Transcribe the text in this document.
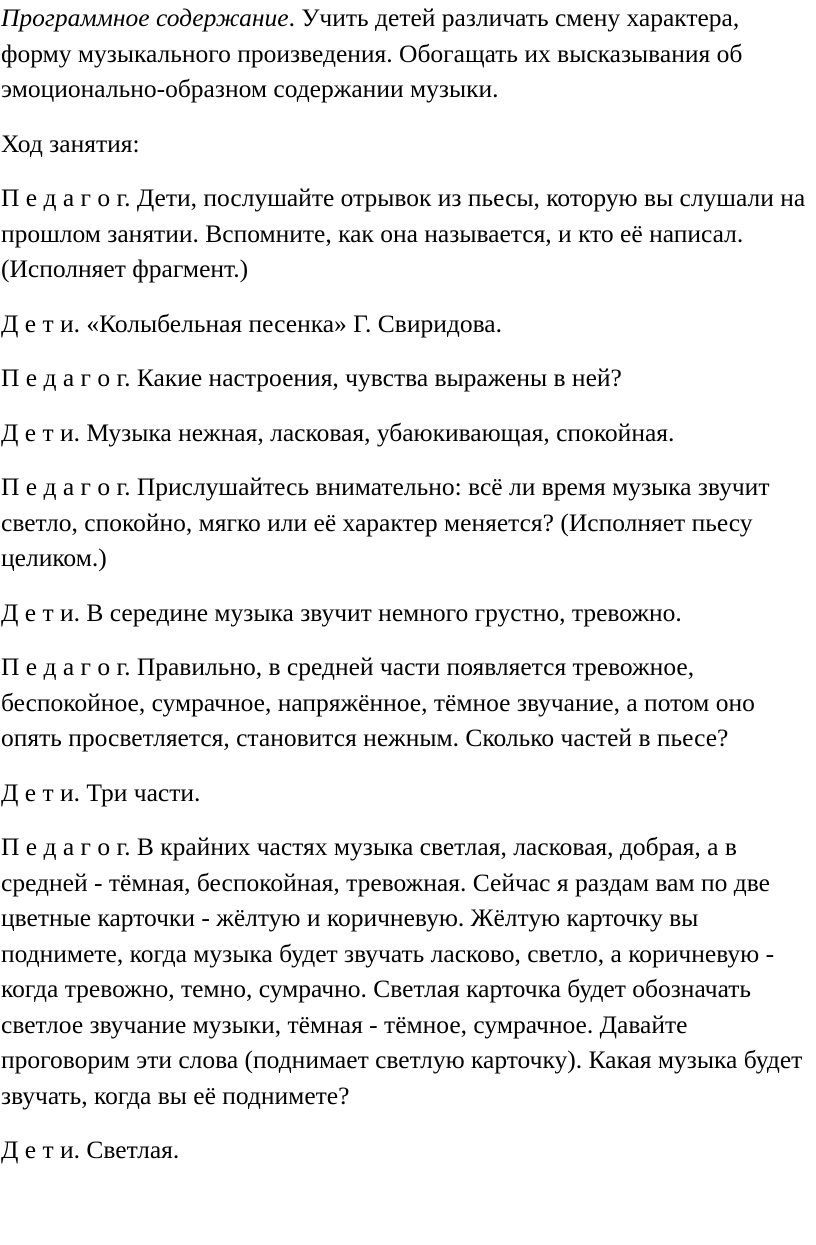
Программное содержание. Учить детей различать смену характера, форму музыкального произведения. Обогащать их высказывания об эмоционально-образном содержании музыки.

Ход занятия:

П е д а г о г. Дети, послушайте отрывок из пьесы, которую вы слушали на прошлом занятии. Вспомните, как она называется, и кто её написал. (Исполняет фрагмент.)

Д е т и. «Колыбельная песенка» Г. Свиридова.

П е д а г о г. Какие настроения, чувства выражены в ней?

Д е т и. Музыка нежная, ласковая, убаюкивающая, спокойная.

П е д а г о г. Прислушайтесь внимательно: всё ли время музыка звучит светло, спокойно, мягко или её характер меняется? (Исполняет пьесу целиком.)

Д е т и. В середине музыка звучит немного грустно, тревожно.

П е д а г о г. Правильно, в средней части появляется тревожное, беспокойное, сумрачное, напряжённое, тёмное звучание, а потом оно опять просветляется, становится нежным. Сколько частей в пьесе?

Д е т и. Три части.

П е д а г о г. В крайних частях музыка светлая, ласковая, добрая, а в средней - тёмная, беспокойная, тревожная. Сейчас я раздам вам по две цветные карточки - жёлтую и коричневую. Жёлтую карточку вы поднимете, когда музыка будет звучать ласково, светло, а коричневую - когда тревожно, темно, сумрачно. Светлая карточка будет обозначать светлое звучание музыки, тёмная - тёмное, сумрачное. Давайте проговорим эти слова (поднимает светлую карточку). Какая музыка будет звучать, когда вы её поднимете?

Д е т и. Светлая.
